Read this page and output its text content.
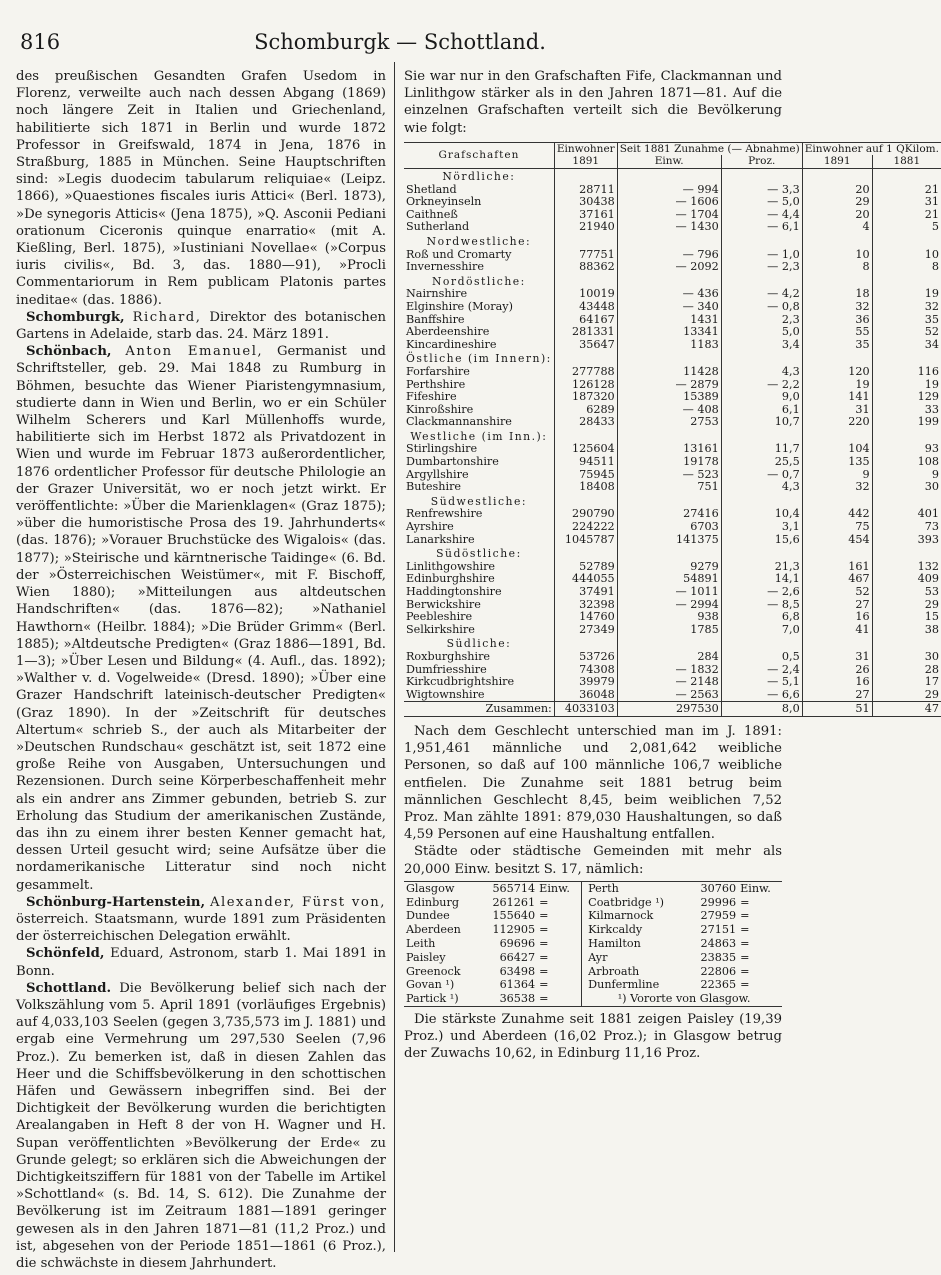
816	Schomburgk — Schottland.

des preußischen Gesandten Grafen Usedom in Florenz, verweilte auch nach dessen Abgang (1869) noch längere Zeit in Italien und Griechenland, habilitierte sich 1871 in Berlin und wurde 1872 Professor in Greifswald, 1874 in Jena, 1876 in Straßburg, 1885 in München. Seine Hauptschriften sind: »Legis duodecim tabularum reliquiae« (Leipz. 1866), »Quaestiones fiscales iuris Attici« (Berl. 1873), »De synegoris Atticis« (Jena 1875), »Q. Asconii Pediani orationum Ciceronis quinque enarratio« (mit A. Kießling, Berl. 1875), »Iustiniani Novellae« (»Corpus iuris civilis«, Bd. 3, das. 1880—91), »Procli Commentariorum in Rem publicam Platonis partes ineditae« (das. 1886).

Schomburgk, Richard, Direktor des botanischen Gartens in Adelaide, starb das. 24. März 1891.

Schönbach, Anton Emanuel, Germanist und Schriftsteller, geb. 29. Mai 1848 zu Rumburg in Böhmen, besuchte das Wiener Piaristengymnasium, studierte dann in Wien und Berlin, wo er ein Schüler Wilhelm Scherers und Karl Müllenhoffs wurde, habilitierte sich im Herbst 1872 als Privatdozent in Wien und wurde im Februar 1873 außerordentlicher, 1876 ordentlicher Professor für deutsche Philologie an der Grazer Universität, wo er noch jetzt wirkt. Er veröffentlichte: »Über die Marienklagen« (Graz 1875); »über die humoristische Prosa des 19. Jahrhunderts« (das. 1876); »Vorauer Bruchstücke des Wigalois« (das. 1877); »Steirische und kärntnerische Taidinge« (6. Bd. der »Österreichischen Weistümer«, mit F. Bischoff, Wien 1880); »Mitteilungen aus altdeutschen Handschriften« (das. 1876—82); »Nathaniel Hawthorn« (Heilbr. 1884); »Die Brüder Grimm« (Berl. 1885); »Altdeutsche Predigten« (Graz 1886—1891, Bd. 1—3); »Über Lesen und Bildung« (4. Aufl., das. 1892); »Walther v. d. Vogelweide« (Dresd. 1890); »Über eine Grazer Handschrift lateinisch-deutscher Predigten« (Graz 1890). In der »Zeitschrift für deutsches Altertum« schrieb S., der auch als Mitarbeiter der »Deutschen Rundschau« geschätzt ist, seit 1872 eine große Reihe von Ausgaben, Untersuchungen und Rezensionen. Durch seine Körperbeschaffenheit mehr als ein andrer ans Zimmer gebunden, betrieb S. zur Erholung das Studium der amerikanischen Zustände, das ihn zu einem ihrer besten Kenner gemacht hat, dessen Urteil gesucht wird; seine Aufsätze über die nordamerikanische Litteratur sind noch nicht gesammelt.

Schönburg-Hartenstein, Alexander, Fürst von, österreich. Staatsmann, wurde 1891 zum Präsidenten der österreichischen Delegation erwählt.

Schönfeld, Eduard, Astronom, starb 1. Mai 1891 in Bonn.

Schottland. Die Bevölkerung belief sich nach der Volkszählung vom 5. April 1891 (vorläufiges Ergebnis) auf 4,033,103 Seelen (gegen 3,735,573 im J. 1881) und ergab eine Vermehrung um 297,530 Seelen (7,96 Proz.). Zu bemerken ist, daß in diesen Zahlen das Heer und die Schiffsbevölkerung in den schottischen Häfen und Gewässern inbegriffen sind. Bei der Dichtigkeit der Bevölkerung wurden die berichtigten Arealangaben in Heft 8 der von H. Wagner und H. Supan veröffentlichten »Bevölkerung der Erde« zu Grunde gelegt; so erklären sich die Abweichungen der Dichtigkeitsziffern für 1881 von der Tabelle im Artikel »Schottland« (s. Bd. 14, S. 612). Die Zunahme der Bevölkerung ist im Zeitraum 1881—1891 geringer gewesen als in den Jahren 1871—81 (11,2 Proz.) und ist, abgesehen von der Periode 1851—1861 (6 Proz.), die schwächste in diesem Jahrhundert.

Sie war nur in den Grafschaften Fife, Clackmannan und Linlithgow stärker als in den Jahren 1871—81. Auf die einzelnen Grafschaften verteilt sich die Bevölkerung wie folgt:

Grafschaften	Einwohner	Seit 1881 Zunahme (— Abnahme)		Einwohner auf 1 QKilom.	
	1891	Einw.	Proz.	1891	1881
Nördliche:					
Shetland	28711	— 994	— 3,3	20	21
Orkneyinseln	30438	— 1606	— 5,0	29	31
Caithneß	37161	— 1704	— 4,4	20	21
Sutherland	21940	— 1430	— 6,1	4	5
Nordwestliche:					
Roß und Cromarty	77751	— 796	— 1,0	10	10
Invernesshire	88362	— 2092	— 2,3	8	8
Nordöstliche:					
Nairnshire	10019	— 436	— 4,2	18	19
Elginshire (Moray)	43448	— 340	— 0,8	32	32
Banffshire	64167	1431	2,3	36	35
Aberdeenshire	281331	13341	5,0	55	52
Kincardineshire	35647	1183	3,4	35	34
Östliche (im Innern):					
Forfarshire	277788	11428	4,3	120	116
Perthshire	126128	— 2879	— 2,2	19	19
Fifeshire	187320	15389	9,0	141	129
Kinroßshire	6289	— 408	6,1	31	33
Clackmannanshire	28433	2753	10,7	220	199
Westliche (im Inn.):					
Stirlingshire	125604	13161	11,7	104	93
Dumbartonshire	94511	19178	25,5	135	108
Argyllshire	75945	— 523	— 0,7	9	9
Buteshire	18408	751	4,3	32	30
Südwestliche:					
Renfrewshire	290790	27416	10,4	442	401
Ayrshire	224222	6703	3,1	75	73
Lanarkshire	1045787	141375	15,6	454	393
Südöstliche:					
Linlithgowshire	52789	9279	21,3	161	132
Edinburghshire	444055	54891	14,1	467	409
Haddingtonshire	37491	— 1011	— 2,6	52	53
Berwickshire	32398	— 2994	— 8,5	27	29
Peebleshire	14760	938	6,8	16	15
Selkirkshire	27349	1785	7,0	41	38
Südliche:					
Roxburghshire	53726	284	0,5	31	30
Dumfriesshire	74308	— 1832	— 2,4	26	28
Kirkcudbrightshire	39979	— 2148	— 5,1	16	17
Wigtownshire	36048	— 2563	— 6,6	27	29
Zusammen:	4033103	297530	8,0	51	47

Nach dem Geschlecht unterschied man im J. 1891: 1,951,461 männliche und 2,081,642 weibliche Personen, so daß auf 100 männliche 106,7 weibliche entfielen. Die Zunahme seit 1881 betrug beim männlichen Geschlecht 8,45, beim weiblichen 7,52 Proz. Man zählte 1891: 879,030 Haushaltungen, so daß 4,59 Personen auf eine Haushaltung entfallen.

Städte oder städtische Gemeinden mit mehr als 20,000 Einw. besitzt S. 17, nämlich:

Glasgow	565714	Einw.	Perth	30760	Einw.
Edinburg	261261	=	Coatbridge ¹)	29996	=
Dundee	155640	=	Kilmarnock	27959	=
Aberdeen	112905	=	Kirkcaldy	27151	=
Leith	69696	=	Hamilton	24863	=
Paisley	66427	=	Ayr	23835	=
Greenock	63498	=	Arbroath	22806	=
Govan ¹)	61364	=	Dunfermline	22365	=
Partick ¹)	36538	=	¹) Vororte von Glasgow.		

Die stärkste Zunahme seit 1881 zeigen Paisley (19,39 Proz.) und Aberdeen (16,02 Proz.); in Glasgow betrug der Zuwachs 10,62, in Edinburg 11,16 Proz.
